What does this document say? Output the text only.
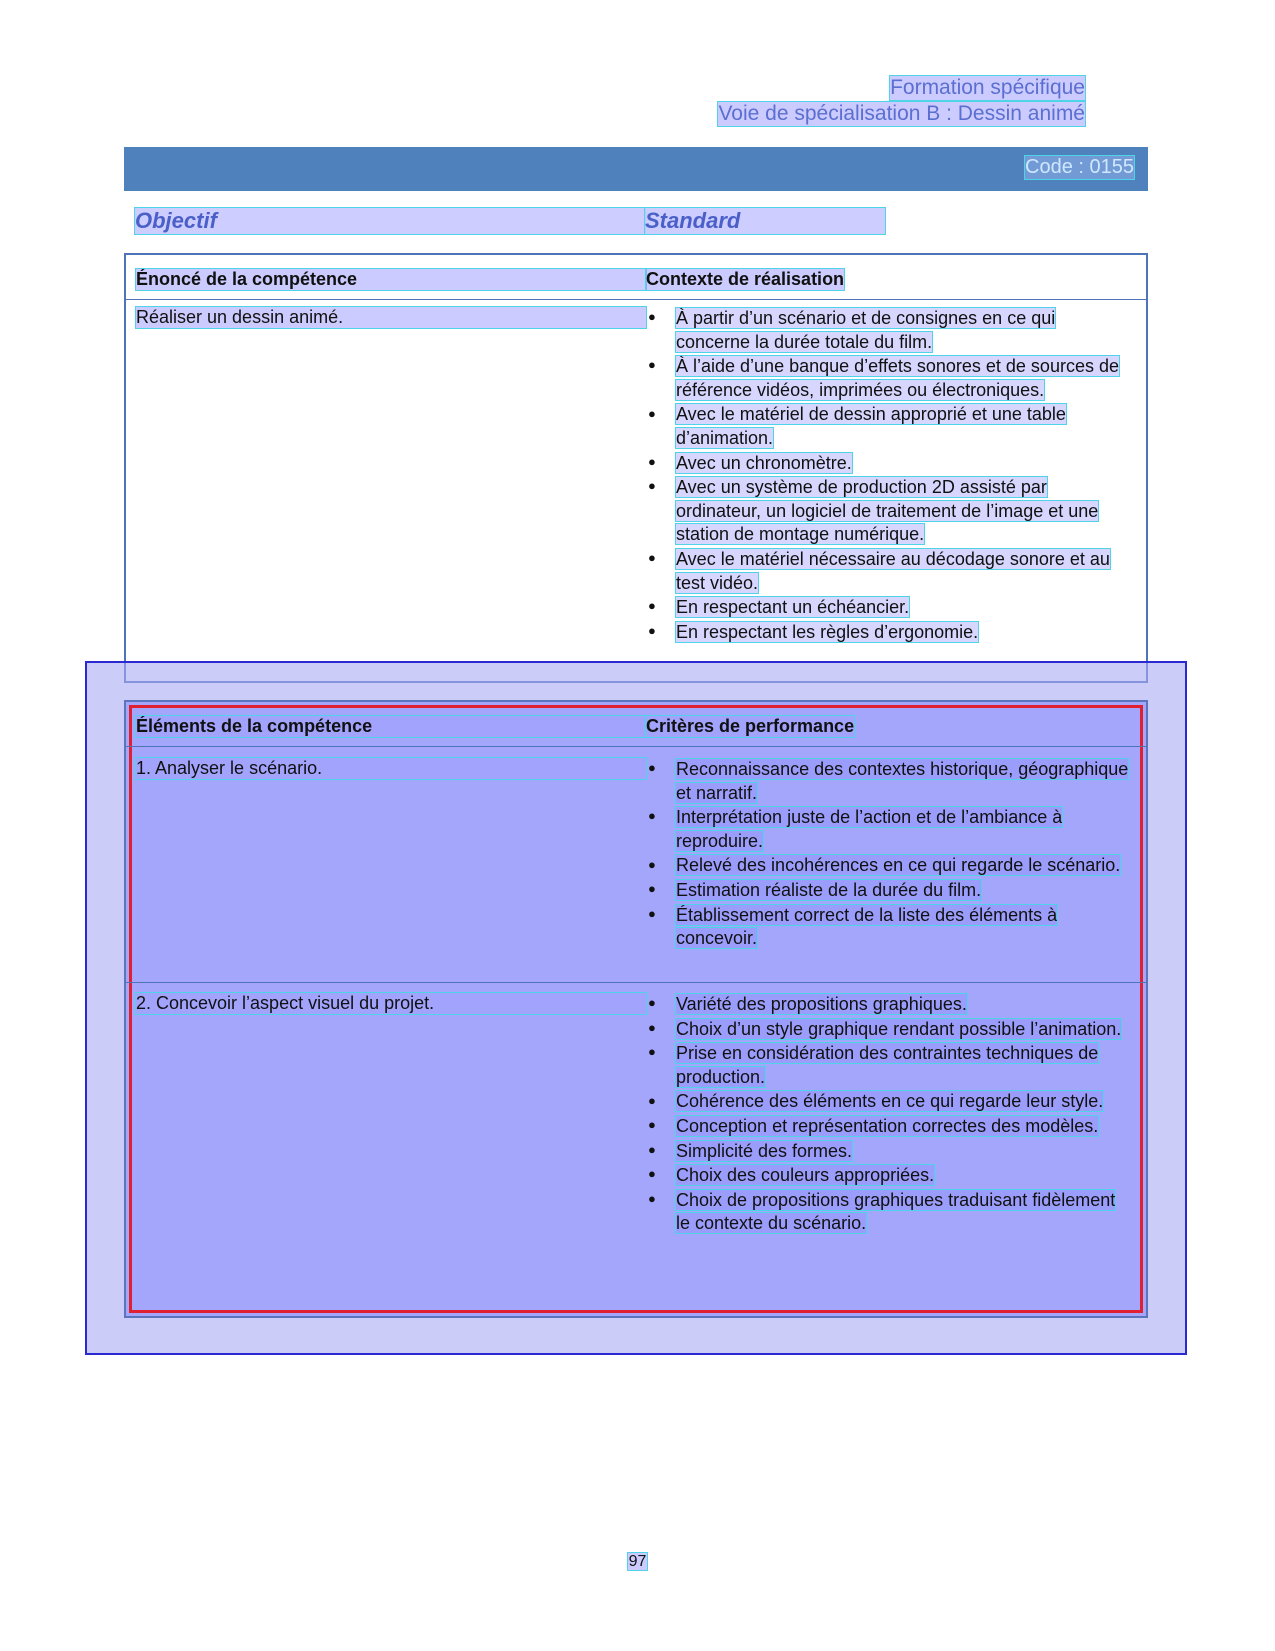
Formation spécifique
Voie de spécialisation B : Dessin animé
Code : 0155
Objectif	Standard
Énoncé de la compétence	Contexte de réalisation
Réaliser un dessin animé.	● À partir d’un scénario et de consignes en ce qui concerne la durée totale du film.
● À l’aide d’une banque d’effets sonores et de sources de référence vidéos, imprimées ou électroniques.
● Avec le matériel de dessin approprié et une table d’animation.
● Avec un chronomètre.
● Avec un système de production 2D assisté par ordinateur, un logiciel de traitement de l’image et une station de montage numérique.
● Avec le matériel nécessaire au décodage sonore et au test vidéo.
● En respectant un échéancier.
● En respectant les règles d’ergonomie.
Éléments de la compétence	Critères de performance
1. Analyser le scénario.	● Reconnaissance des contextes historique, géographique et narratif.
● Interprétation juste de l’action et de l’ambiance à reproduire.
● Relevé des incohérences en ce qui regarde le scénario.
● Estimation réaliste de la durée du film.
● Établissement correct de la liste des éléments à concevoir.
2. Concevoir l’aspect visuel du projet.	● Variété des propositions graphiques.
● Choix d’un style graphique rendant possible l’animation.
● Prise en considération des contraintes techniques de production.
● Cohérence des éléments en ce qui regarde leur style.
● Conception et représentation correctes des modèles.
● Simplicité des formes.
● Choix des couleurs appropriées.
● Choix de propositions graphiques traduisant fidèlement le contexte du scénario.
97
